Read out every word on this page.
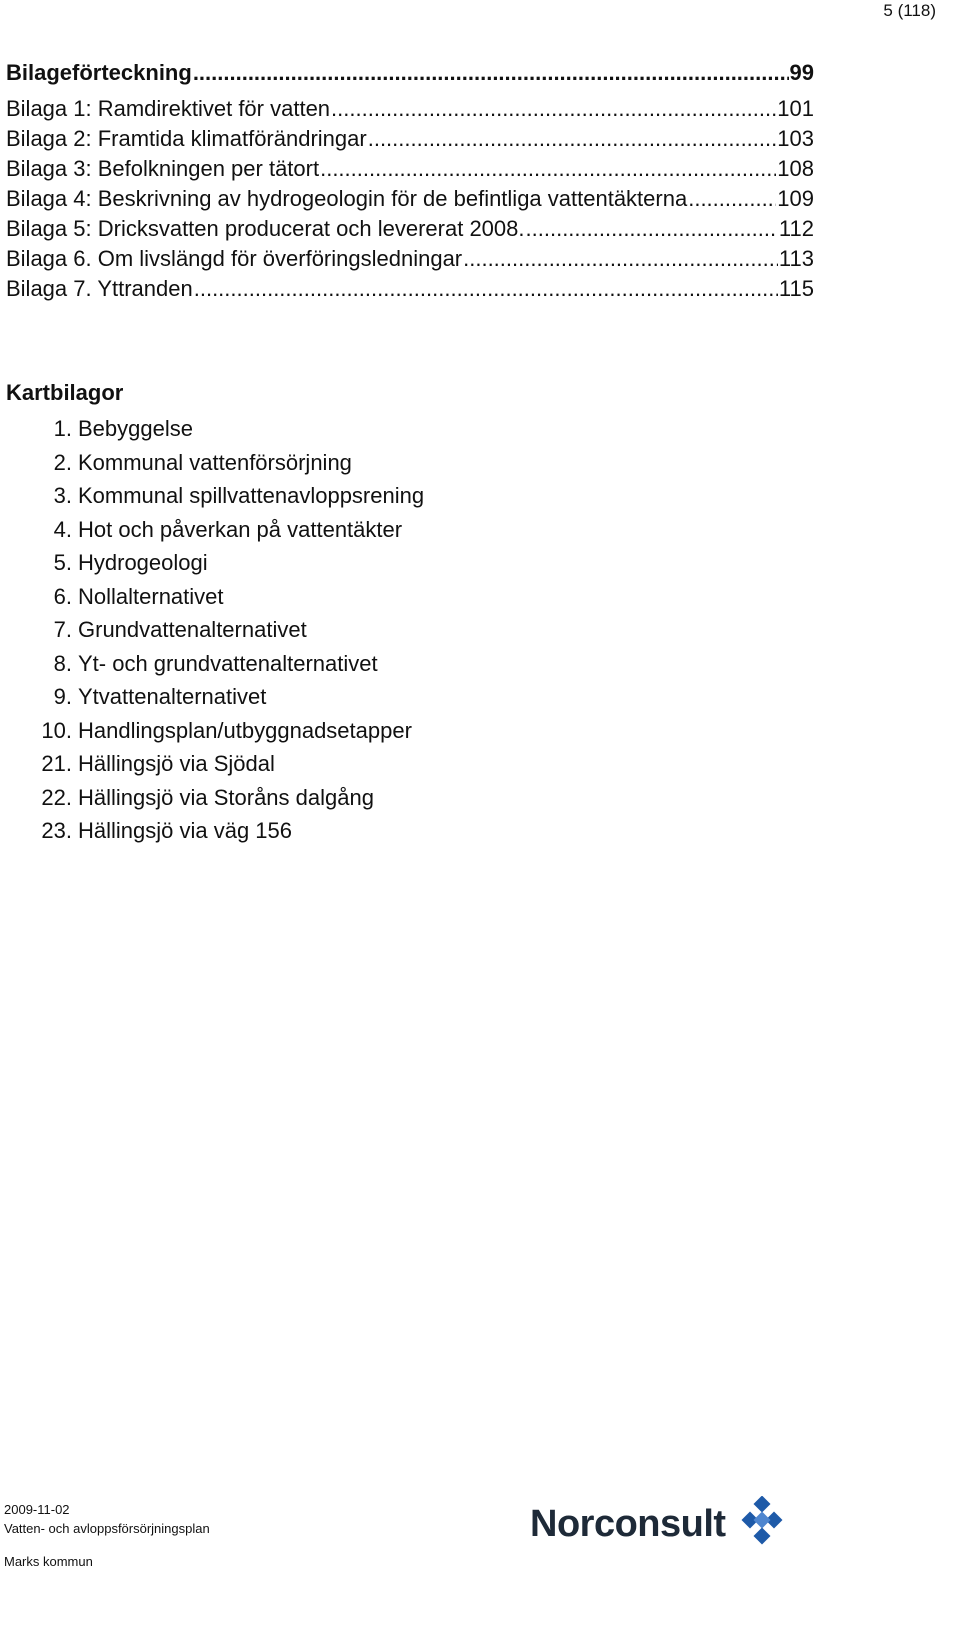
5 (118)
Bilageförteckning .....	99
Bilaga 1: Ramdirektivet för vatten .....	101
Bilaga 2: Framtida klimatförändringar .....	103
Bilaga 3: Befolkningen per tätort .....	108
Bilaga 4: Beskrivning av hydrogeologin för de befintliga vattentäkterna .....	109
Bilaga 5: Dricksvatten producerat och levererat 2008. .....	112
Bilaga 6. Om livslängd för överföringsledningar .....	113
Bilaga 7. Yttranden .....	115
Kartbilagor
1. Bebyggelse
2. Kommunal vattenförsörjning
3. Kommunal spillvattenavloppsrening
4. Hot och påverkan på vattentäkter
5. Hydrogeologi
6. Nollalternativet
7. Grundvattenalternativet
8. Yt- och grundvattenalternativet
9. Ytvattenalternativet
10. Handlingsplan/utbyggnadsetapper
21. Hällingsjö via Sjödal
22. Hällingsjö via Storåns dalgång
23. Hällingsjö via väg 156
2009-11-02
Vatten- och avloppsförsörjningsplan
Marks kommun
Norconsult
